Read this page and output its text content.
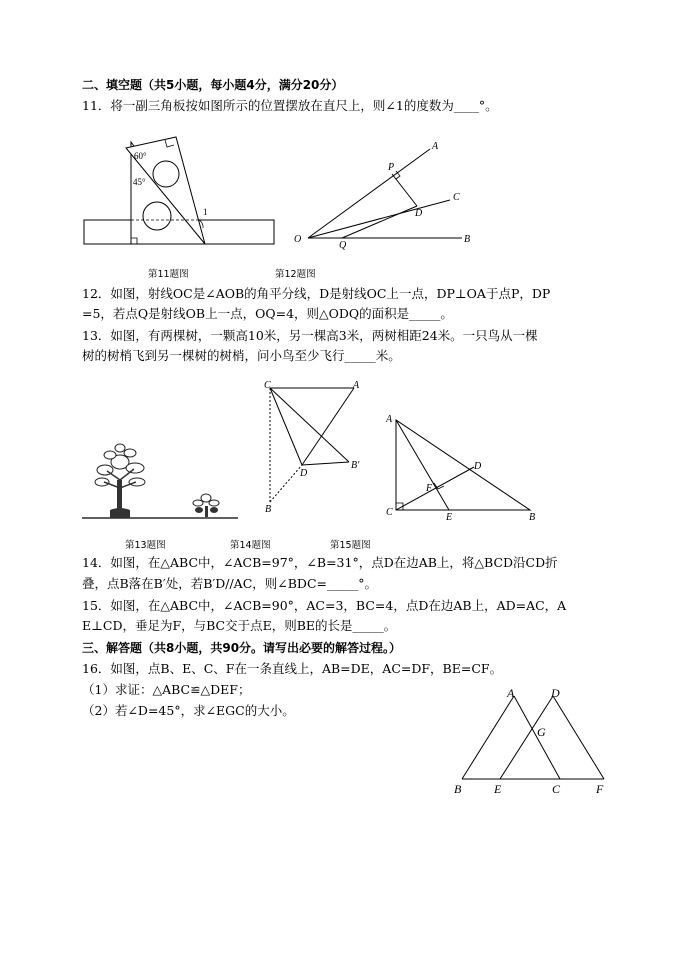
二、填空题（共5小题，每小题4分，满分20分）
11．将一副三角板按如图所示的位置摆放在直尺上，则∠1的度数为____°。
60°
45°
1
A
P
C
D
O
Q
B
第11题图	第12题图
12．如图，射线OC是∠AOB的角平分线，D是射线OC上一点，DP⊥OA于点P，DP
=5，若点Q是射线OB上一点，OQ=4，则△ODQ的面积是_____。
13．如图，有两棵树，一颗高10米，另一棵高3米，两树相距24米。一只鸟从一棵
树的树梢飞到另一棵树的树梢，问小鸟至少飞行_____米。
C	A
D
B′
B
A
D
F
C	E	B
第13题图	第14题图	第15题图
14．如图，在△ABC中，∠ACB=97°，∠B=31°，点D在边AB上，将△BCD沿CD折
叠，点B落在B′处，若B′D//AC，则∠BDC=_____°。
15．如图，在△ABC中，∠ACB=90°，AC=3，BC=4，点D在边AB上，AD=AC，A
E⊥CD，垂足为F，与BC交于点E，则BE的长是_____。
三、解答题（共8小题，共90分。请写出必要的解答过程。）
16．如图，点B、E、C、F在一条直线上，AB=DE，AC=DF，BE=CF。
（1）求证：△ABC≌△DEF；
（2）若∠D=45°，求∠EGC的大小。
A	D
G
B	E	C	F
